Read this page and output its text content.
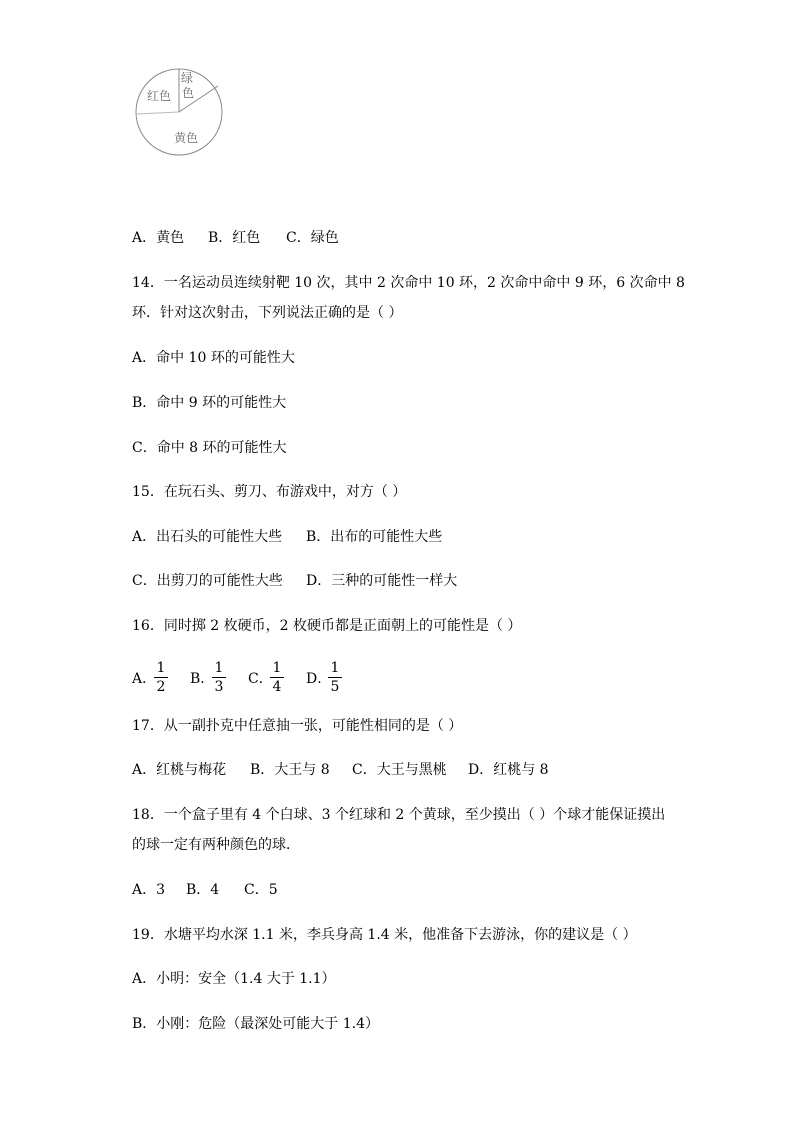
红色
绿
色
黄色
A．黄色 B．红色 C．绿色
14．一名运动员连续射靶 10 次，其中 2 次命中 10 环，2 次命中命中 9 环，6 次命中 8
环．针对这次射击，下列说法正确的是（ ）
A．命中 10 环的可能性大
B．命中 9 环的可能性大
C．命中 8 环的可能性大
15．在玩石头、剪刀、布游戏中，对方（ ）
A．出石头的可能性大些 B．出布的可能性大些
C．出剪刀的可能性大些 D．三种的可能性一样大
16．同时掷 2 枚硬币，2 枚硬币都是正面朝上的可能性是（ ）
A．
$\frac{1}{2}$ B．
$\frac{1}{3}$ C．
$\frac{1}{4}$ D．
$\frac{1}{5}$
17．从一副扑克中任意抽一张，可能性相同的是（ ）
A．红桃与梅花 B．大王与 8 C．大王与黑桃 D．红桃与 8
18．一个盒子里有 4 个白球、3 个红球和 2 个黄球，至少摸出（ ）个球才能保证摸出
的球一定有两种颜色的球．
A．3 B．4 C．5
19．水塘平均水深 1.1 米，李兵身高 1.4 米，他准备下去游泳，你的建议是（ ）
A．小明：安全（1.4 大于 1.1）
B．小刚：危险（最深处可能大于 1.4）
